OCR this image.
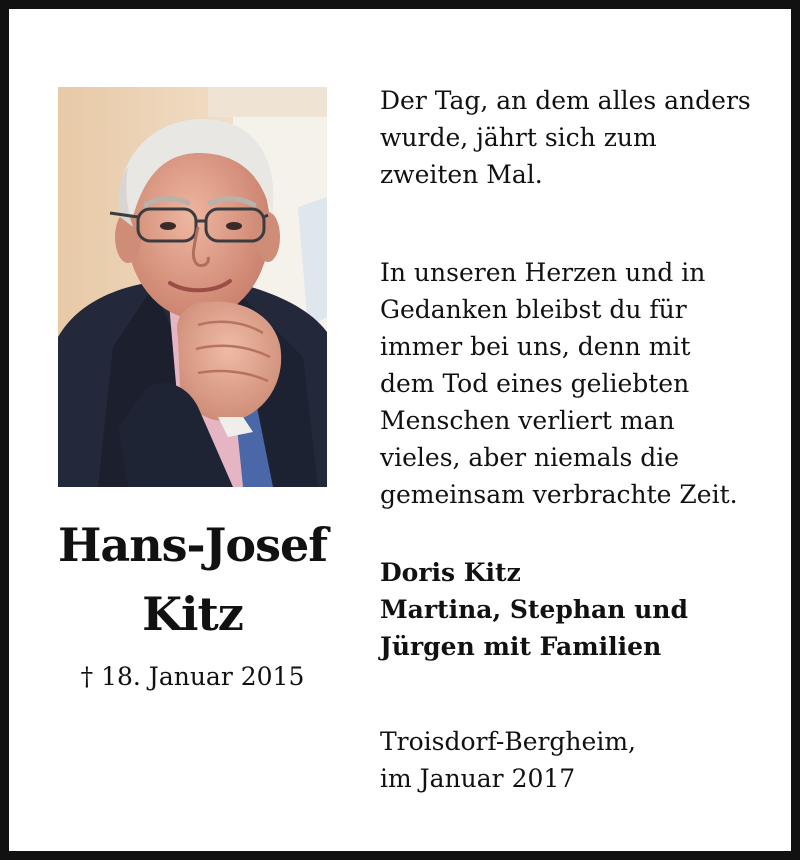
Hans-Josef
Kitz
† 18. Januar 2015
Der Tag, an dem alles anders
wurde, jährt sich zum
zweiten Mal.
In unseren Herzen und in
Gedanken bleibst du für
immer bei uns, denn mit
dem Tod eines geliebten
Menschen verliert man
vieles, aber niemals die
gemeinsam verbrachte Zeit.
Doris Kitz
Martina, Stephan und
Jürgen mit Familien
Troisdorf-Bergheim,
im Januar 2017
